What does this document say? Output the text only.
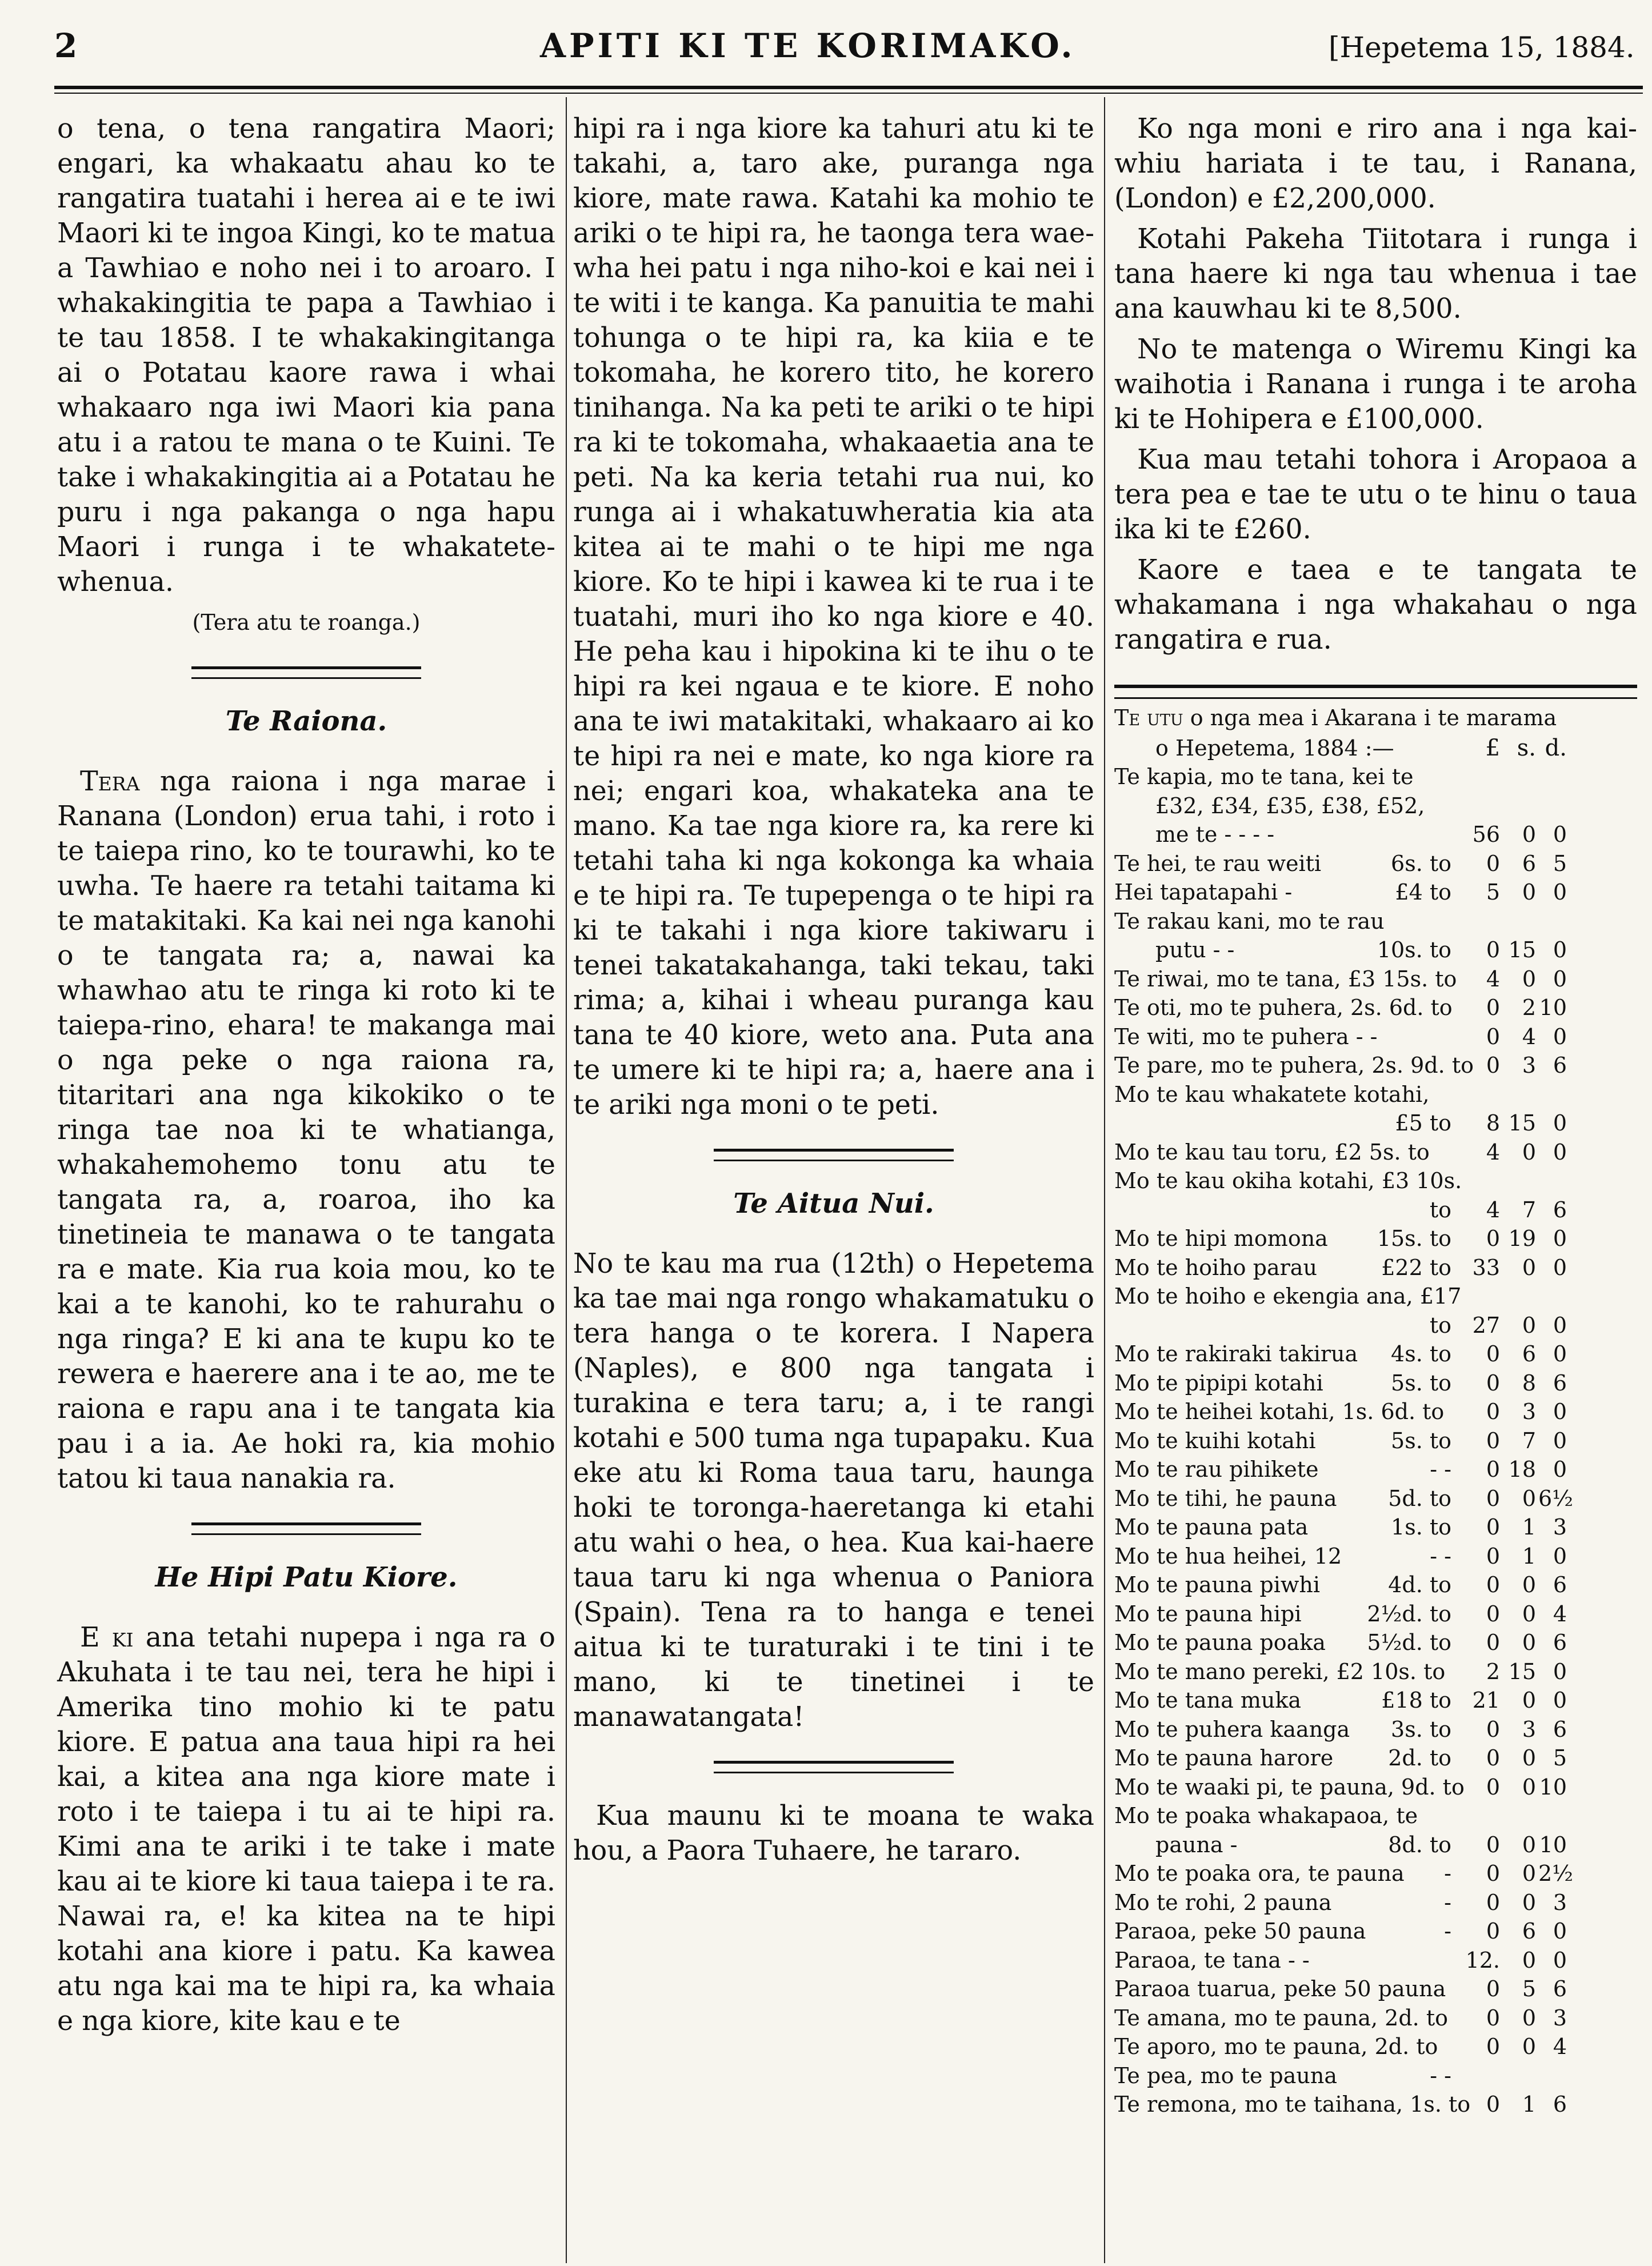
2	APITI KI TE KORIMAKO.	[Hepetema 15, 1884.

o tena, o tena rangatira Maori; engari, ka whakaatu ahau ko te rangatira tuatahi i herea ai e te iwi Maori ki te ingoa Kingi, ko te matua a Tawhiao e noho nei i to aroaro. I whakakingitia te papa a Tawhiao i te tau 1858. I te whakakingitanga ai o Potatau kaore rawa i whai whakaaro nga iwi Maori kia pana atu i a ratou te mana o te Kuini. Te take i whakakingitia ai a Potatau he puru i nga pakanga o nga hapu Maori i runga i te whakatete-whenua.

(Tera atu te roanga.)
Te Raiona.

Tera nga raiona i nga marae i Ranana (London) erua tahi, i roto i te taiepa rino, ko te tourawhi, ko te uwha. Te haere ra tetahi taitama ki te matakitaki. Ka kai nei nga kanohi o te tangata ra; a, nawai ka whawhao atu te ringa ki roto ki te taiepa-rino, ehara! te makanga mai o nga peke o nga raiona ra, titaritari ana nga kikokiko o te ringa tae noa ki te whatianga, whakahemohemo tonu atu te tangata ra, a, roaroa, iho ka tinetineia te manawa o te tangata ra e mate. Kia rua koia mou, ko te kai a te kanohi, ko te rahurahu o nga ringa? E ki ana te kupu ko te rewera e haerere ana i te ao, me te raiona e rapu ana i te tangata kia pau i a ia. Ae hoki ra, kia mohio tatou ki taua nanakia ra.

He Hipi Patu Kiore.

E ki ana tetahi nupepa i nga ra o Akuhata i te tau nei, tera he hipi i Amerika tino mohio ki te patu kiore. E patua ana taua hipi ra hei kai, a kitea ana nga kiore mate i roto i te taiepa i tu ai te hipi ra. Kimi ana te ariki i te take i mate kau ai te kiore ki taua taiepa i te ra. Nawai ra, e! ka kitea na te hipi kotahi ana kiore i patu. Ka kawea atu nga kai ma te hipi ra, ka whaia e nga kiore, kite kau e te

hipi ra i nga kiore ka tahuri atu ki te takahi, a, taro ake, puranga nga kiore, mate rawa. Katahi ka mohio te ariki o te hipi ra, he taonga tera wae-wha hei patu i nga niho-koi e kai nei i te witi i te kanga. Ka panuitia te mahi tohunga o te hipi ra, ka kiia e te tokomaha, he korero tito, he korero tinihanga. Na ka peti te ariki o te hipi ra ki te tokomaha, whakaaetia ana te peti. Na ka keria tetahi rua nui, ko runga ai i whakatuwheratia kia ata kitea ai te mahi o te hipi me nga kiore. Ko te hipi i kawea ki te rua i te tuatahi, muri iho ko nga kiore e 40. He peha kau i hipokina ki te ihu o te hipi ra kei ngaua e te kiore. E noho ana te iwi matakitaki, whakaaro ai ko te hipi ra nei e mate, ko nga kiore ra nei; engari koa, whakateka ana te mano. Ka tae nga kiore ra, ka rere ki tetahi taha ki nga kokonga ka whaia e te hipi ra. Te tupepenga o te hipi ra ki te takahi i nga kiore takiwaru i tenei takatakahanga, taki tekau, taki rima; a, kihai i wheau puranga kau tana te 40 kiore, weto ana. Puta ana te umere ki te hipi ra; a, haere ana i te ariki nga moni o te peti.

Te Aitua Nui.

No te kau ma rua (12th) o Hepetema ka tae mai nga rongo whakamatuku o tera hanga o te korera. I Napera (Naples), e 800 nga tangata i turakina e tera taru; a, i te rangi kotahi e 500 tuma nga tupapaku. Kua eke atu ki Roma taua taru, haunga hoki te toronga-haeretanga ki etahi atu wahi o hea, o hea. Kua kai-haere taua taru ki nga whenua o Paniora (Spain). Tena ra to hanga e tenei aitua ki te turaturaki i te tini i te mano, ki te tinetinei i te manawatangata!

Kua maunu ki te moana te waka hou, a Paora Tuhaere, he tararo.

Ko nga moni e riro ana i nga kai-whiu hariata i te tau, i Ranana, (London) e £2,200,000.

Kotahi Pakeha Tiitotara i runga i tana haere ki nga tau whenua i tae ana kauwhau ki te 8,500.

No te matenga o Wiremu Kingi ka waihotia i Ranana i runga i te aroha ki te Hohipera e £100,000.

Kua mau tetahi tohora i Aropaoa a tera pea e tae te utu o te hinu o taua ika ki te £260.

Kaore e taea e te tangata te whakamana i nga whakahau o nga rangatira e rua.

Te utu o nga mea i Akarana i te marama
o Hepetema, 1884 :—	£ s. d.
Te kapia, mo te tana, kei te
£32, £34, £35, £38, £52,
me te - - - -	56	0 0
Te hei, te rau weiti	6s. to	0	6 5
Hei tapatapahi -	£4 to	5	0 0
Te rakau kani, mo te rau
putu - -	10s. to	0 15 0
Te riwai, mo te tana, £3 15s. to	4	0 0
Te oti, mo te puhera, 2s. 6d. to	0	2 10
Te witi, mo te puhera - -	0	4 0
Te pare, mo te puhera, 2s. 9d. to 0	3 6
Mo te kau whakatete kotahi,
£5 to	8 15 0
Mo te kau tau toru, £2 5s. to	4	0 0
Mo te kau okiha kotahi, £3 10s.
to	4	7 6
Mo te hipi momona	15s. to	0 19 0
Mo te hoiho parau	£22 to 33	0 0
Mo te hoiho e ekengia ana, £17
to 27	0 0
Mo te rakiraki takirua	4s. to	0	6 0
Mo te pipipi kotahi	5s. to	0	8 6
Mo te heihei kotahi, 1s. 6d. to	0	3 0
Mo te kuihi kotahi	5s. to	0	7 0
Mo te rau pihikete	- -	0 18 0
Mo te tihi, he pauna	5d. to	0	0 6½
Mo te pauna pata	1s. to	0	1 3
Mo te hua heihei, 12	- -	0	1 0
Mo te pauna piwhi	4d. to	0	0 6
Mo te pauna hipi	2½d. to	0	0 4
Mo te pauna poaka	5½d. to	0	0 6
Mo te mano pereki, £2 10s. to	2 15 0
Mo te tana muka	£18 to 21	0 0
Mo te puhera kaanga	3s. to	0	3 6
Mo te pauna harore	2d. to	0	0 5
Mo te waaki pi, te pauna, 9d. to 0	0 10
Mo te poaka whakapaoa, te
pauna -	8d. to	0	0 10
Mo te poaka ora, te pauna	-	0	0 2½
Mo te rohi, 2 pauna	-	0	0 3
Paraoa, peke 50 pauna	-	0	6 0
Paraoa, te tana - -	12.	0 0
Paraoa tuarua, peke 50 pauna	0	5 6
Te amana, mo te pauna, 2d. to	0	0 3
Te aporo, mo te pauna, 2d. to	0	0 4
Te pea, mo te pauna	- -
Te remona, mo te taihana, 1s. to 0	1 6
